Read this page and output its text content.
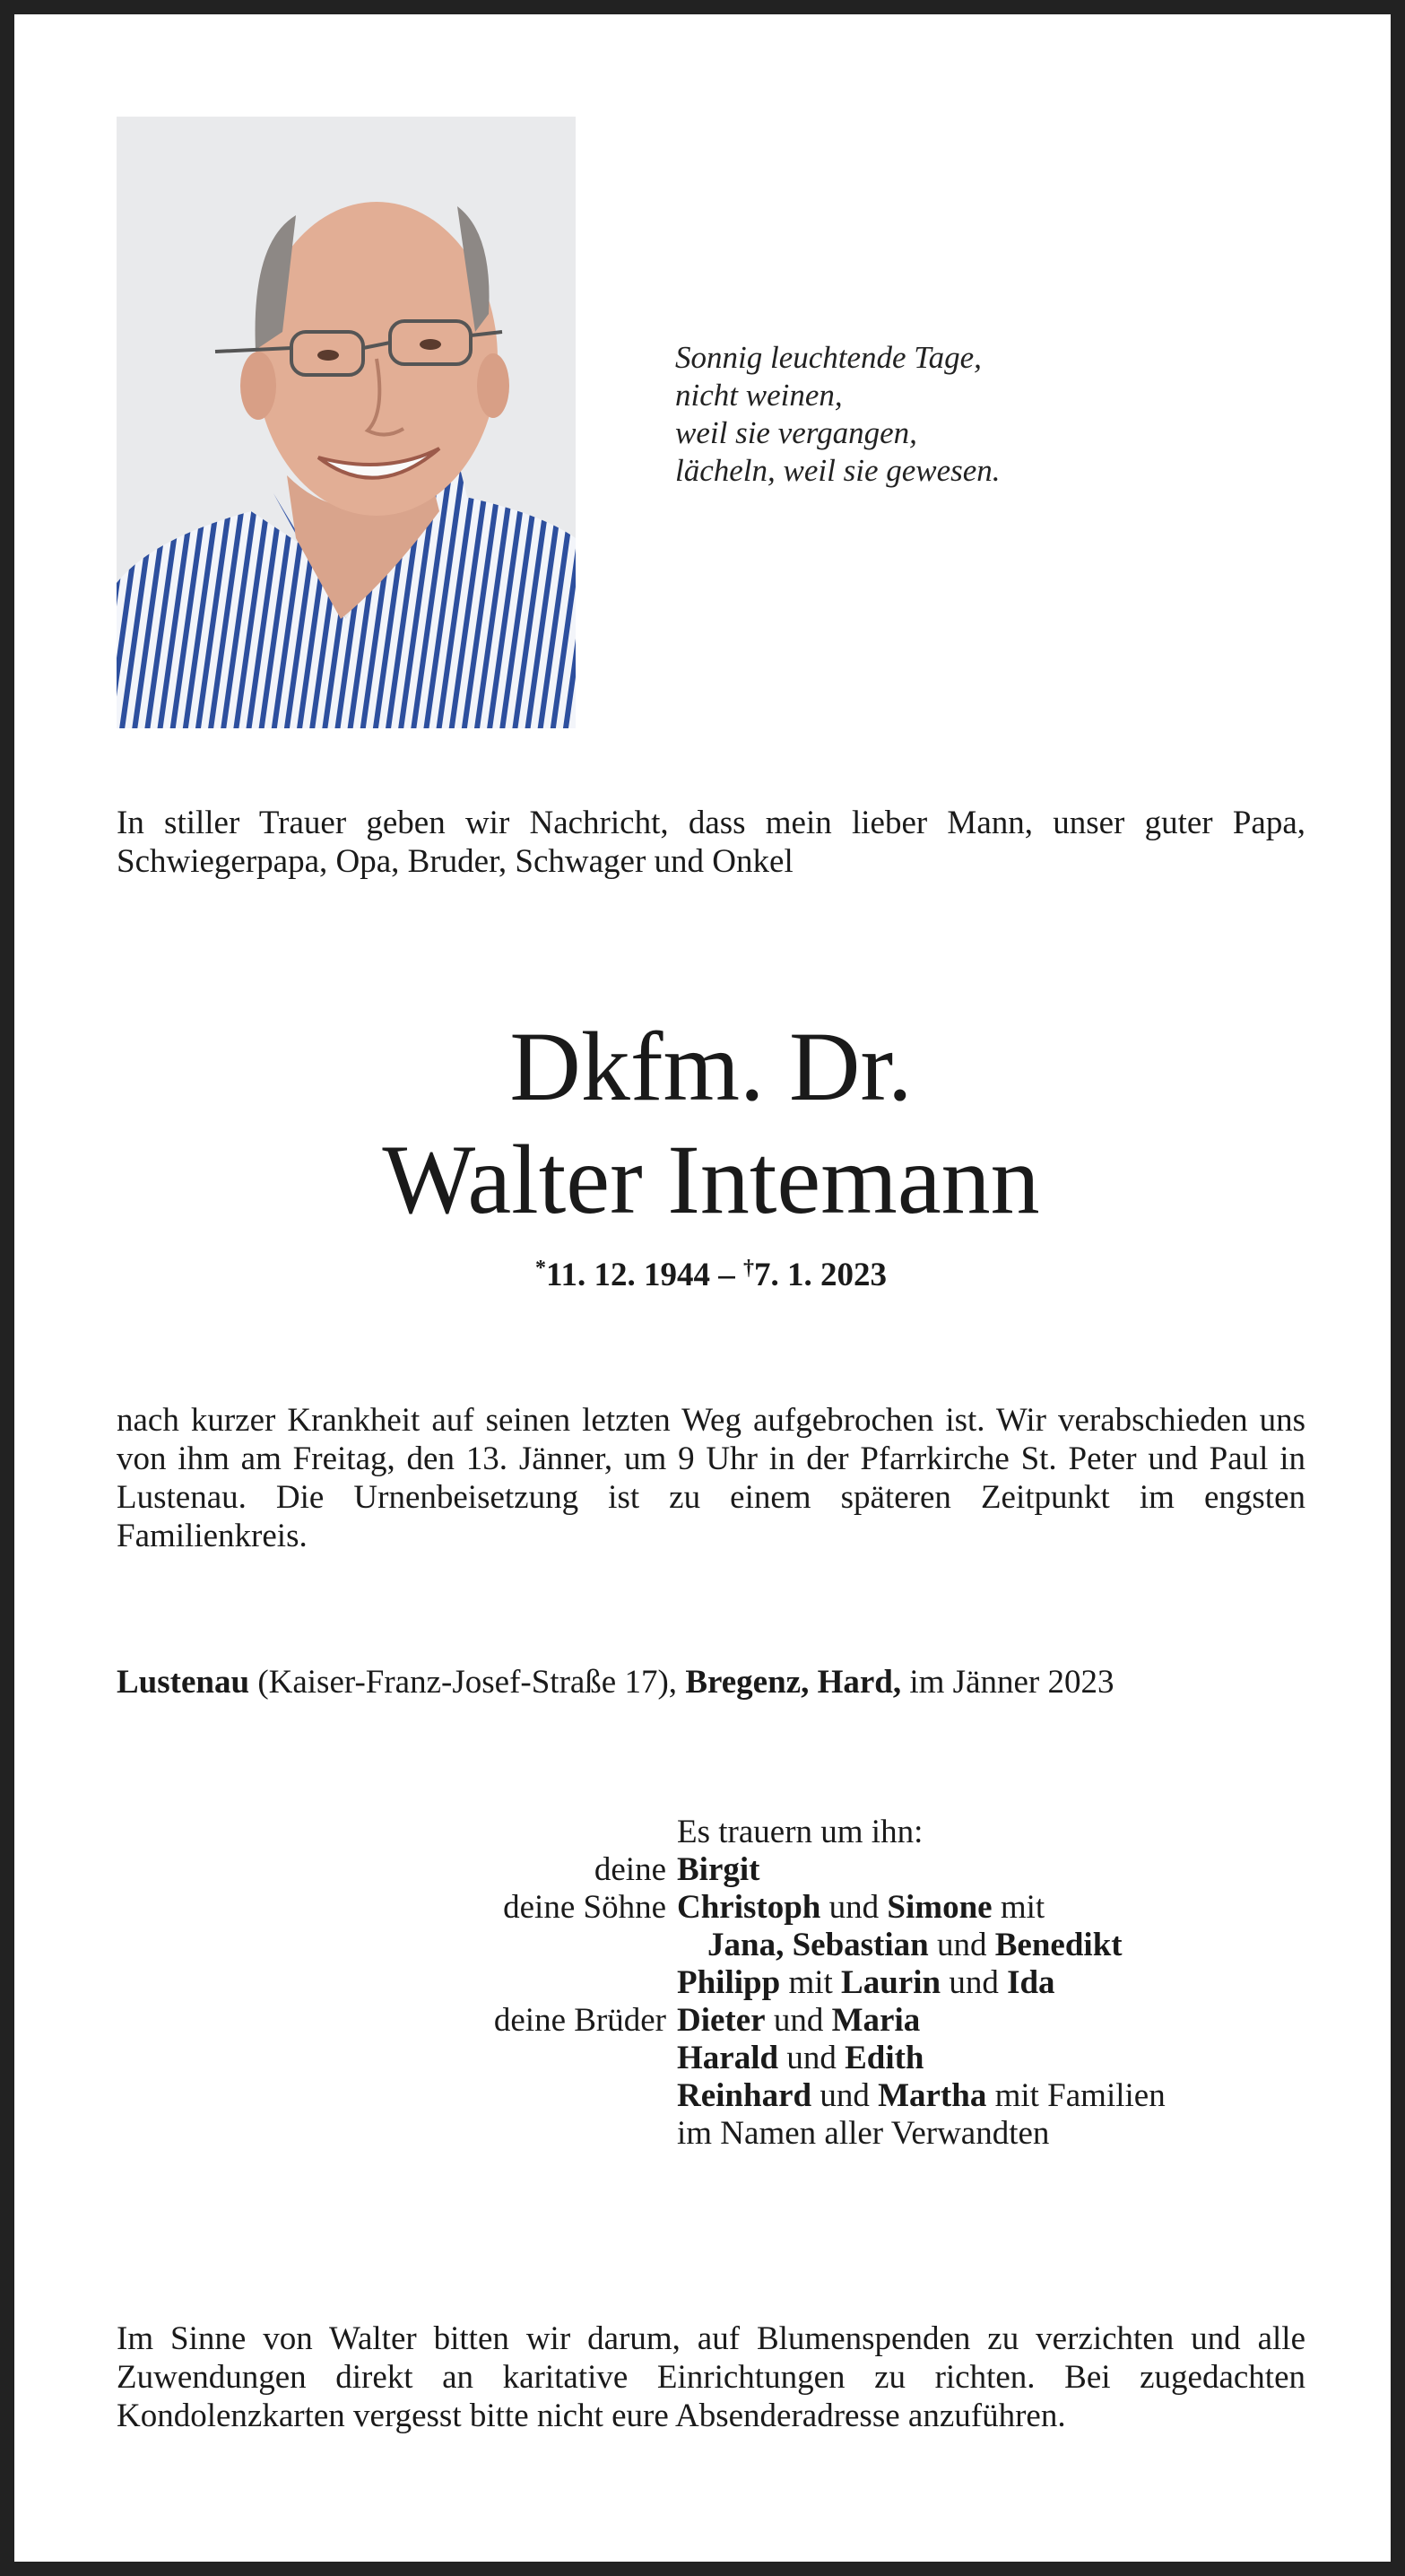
Sonnig leuchtende Tage,
nicht weinen,
weil sie vergangen,
lächeln, weil sie gewesen.
In stiller Trauer geben wir Nachricht, dass mein lieber Mann, unser guter Papa, Schwiegerpapa, Opa, Bruder, Schwager und Onkel
Dkfm. Dr.
Walter Intemann
*11. 12. 1944 – †7. 1. 2023
nach kurzer Krankheit auf seinen letzten Weg aufgebrochen ist. Wir verabschieden uns von ihm am Freitag, den 13. Jänner, um 9 Uhr in der Pfarrkirche St. Peter und Paul in Lustenau. Die Urnenbeisetzung ist zu einem späteren Zeitpunkt im engsten Familienkreis.
Lustenau (Kaiser-Franz-Josef-Straße 17), Bregenz, Hard, im Jänner 2023
Es trauern um ihn:
deine Birgit
deine Söhne Christoph und Simone mit
Jana, Sebastian und Benedikt
Philipp mit Laurin und Ida
deine Brüder Dieter und Maria
Harald und Edith
Reinhard und Martha mit Familien
im Namen aller Verwandten
Im Sinne von Walter bitten wir darum, auf Blumenspenden zu verzichten und alle Zuwendungen direkt an karitative Einrichtungen zu richten. Bei zugedachten Kondolenzkarten vergesst bitte nicht eure Absenderadresse anzuführen.
